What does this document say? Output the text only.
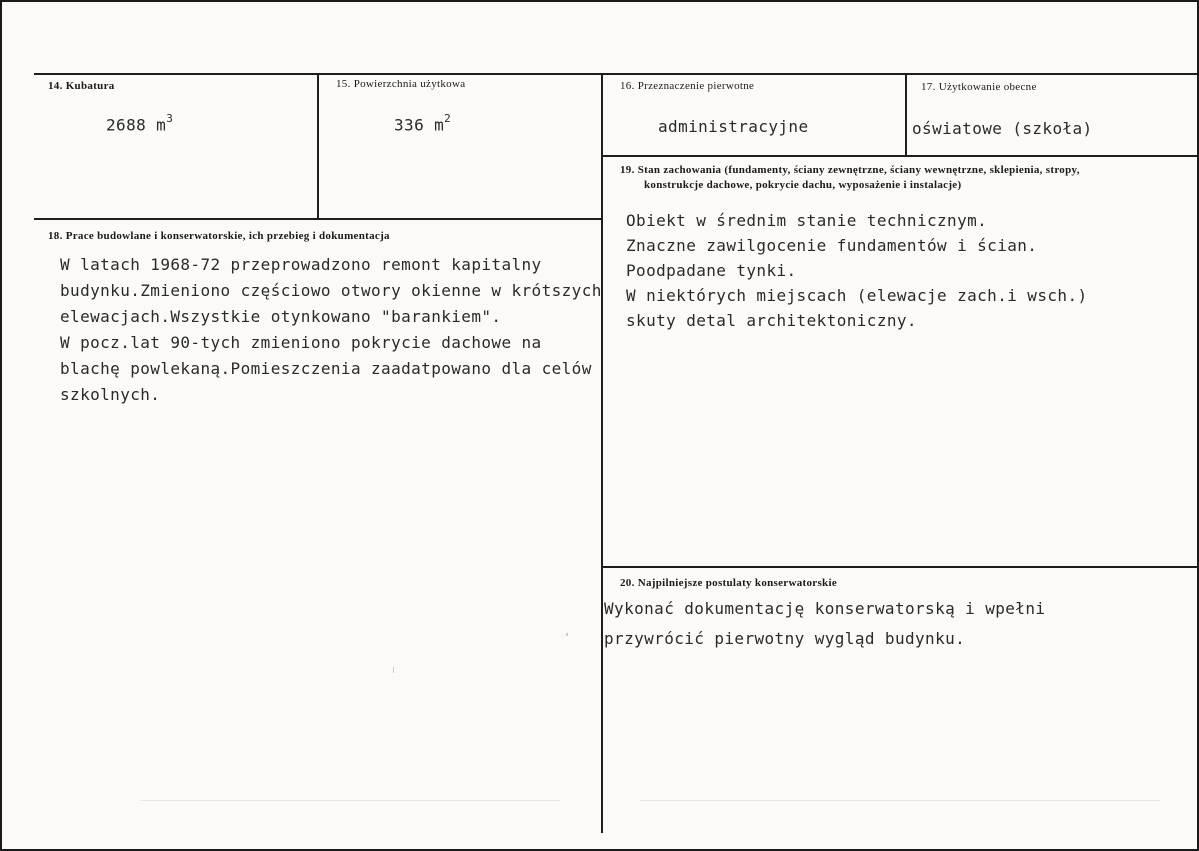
14. Kubatura
2688 $m^3$
15. Powierzchnia użytkowa
336 $m^2$
16. Przeznaczenie pierwotne
administracyjne
17. Użytkowanie obecne
oświatowe (szkoła)
18. Prace budowlane i konserwatorskie, ich przebieg i dokumentacja
W latach 1968-72 przeprowadzono remont kapitalny
budynku.Zmieniono częściowo otwory okienne w krótszych
elewacjach.Wszystkie otynkowano "barankiem".
W pocz.lat 90-tych zmieniono pokrycie dachowe na
blachę powlekaną.Pomieszczenia zaadatpowano dla celów
szkolnych.
19. Stan zachowania (fundamenty, ściany zewnętrzne, ściany wewnętrzne, sklepienia, stropy,
konstrukcje dachowe, pokrycie dachu, wyposażenie i instalacje)
Obiekt w średnim stanie technicznym.
Znaczne zawilgocenie fundamentów i ścian.
Poodpadane tynki.
W niektórych miejscach (elewacje zach.i wsch.)
skuty detal architektoniczny.
20. Najpilniejsze postulaty konserwatorskie
Wykonać dokumentację konserwatorską i wpełni
przywrócić pierwotny wygląd budynku.
